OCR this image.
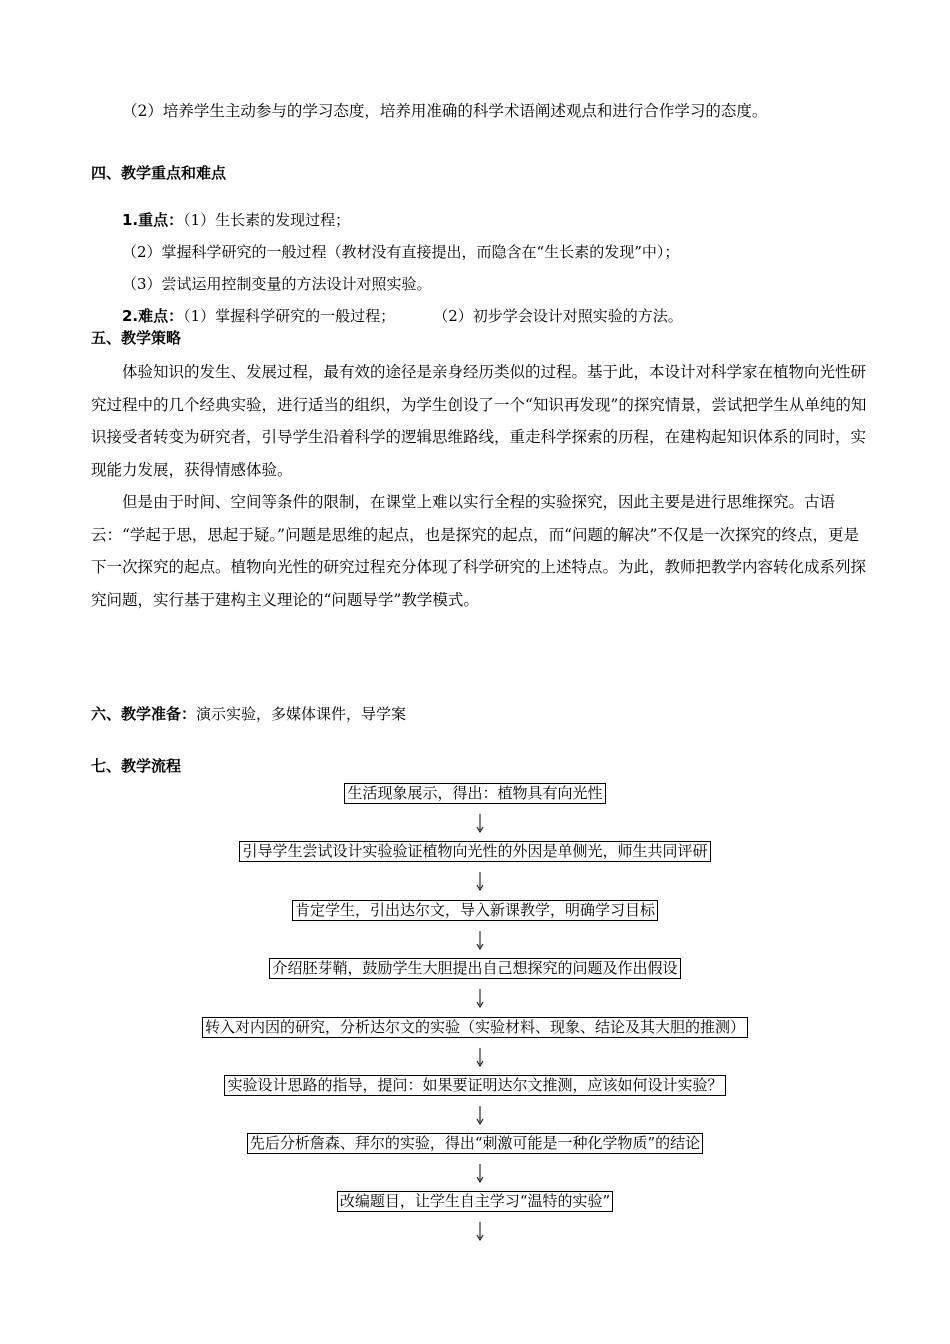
（2）培养学生主动参与的学习态度，培养用准确的科学术语阐述观点和进行合作学习的态度。
四、教学重点和难点
1.重点：（1）生长素的发现过程；
（2）掌握科学研究的一般过程（教材没有直接提出，而隐含在“生长素的发现”中）；
（3）尝试运用控制变量的方法设计对照实验。
2.难点：（1）掌握科学研究的一般过程；	（2）初步学会设计对照实验的方法。
五、教学策略

体验知识的发生、发展过程，最有效的途径是亲身经历类似的过程。基于此，本设计对科学家在植物向光性研究过程中的几个经典实验，进行适当的组织，为学生创设了一个“知识再发现”的探究情景，尝试把学生从单纯的知识接受者转变为研究者，引导学生沿着科学的逻辑思维路线，重走科学探索的历程，在建构起知识体系的同时，实现能力发展，获得情感体验。

但是由于时间、空间等条件的限制，在课堂上难以实行全程的实验探究，因此主要是进行思维探究。古语云：“学起于思，思起于疑。”问题是思维的起点，也是探究的起点，而“问题的解决”不仅是一次探究的终点，更是下一次探究的起点。植物向光性的研究过程充分体现了科学研究的上述特点。为此，教师把教学内容转化成系列探究问题，实行基于建构主义理论的“问题导学”教学模式。

六、教学准备：演示实验，多媒体课件，导学案
七、教学流程
生活现象展示，得出：植物具有向光性
引导学生尝试设计实验验证植物向光性的外因是单侧光，师生共同评研
肯定学生，引出达尔文，导入新课教学，明确学习目标
介绍胚芽鞘，鼓励学生大胆提出自己想探究的问题及作出假设
转入对内因的研究，分析达尔文的实验（实验材料、现象、结论及其大胆的推测）
实验设计思路的指导，提问：如果要证明达尔文推测，应该如何设计实验？
先后分析詹森、拜尔的实验，得出“刺激可能是一种化学物质”的结论
改编题目，让学生自主学习“温特的实验”
